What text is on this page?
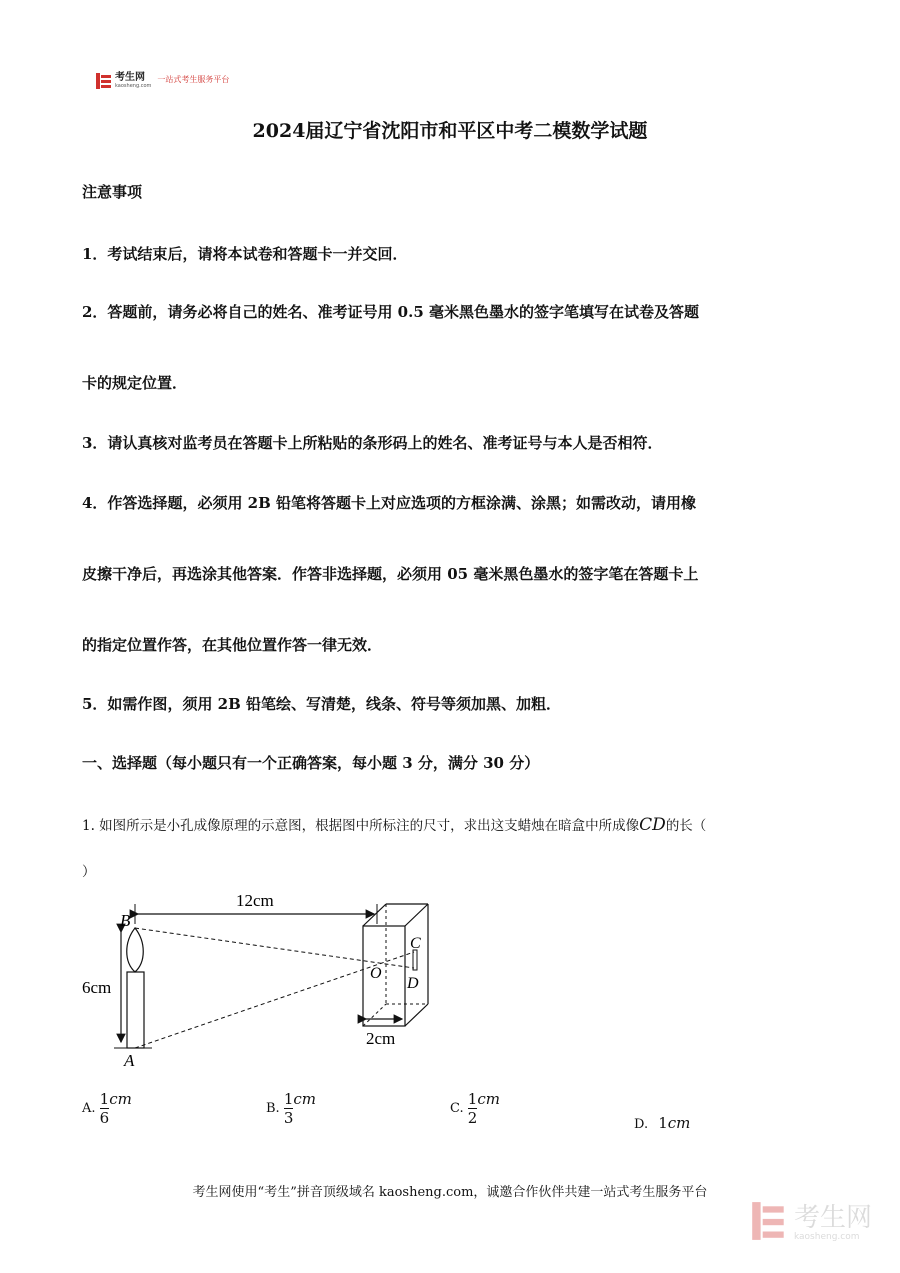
考生网
kaosheng.com
一站式考生服务平台
2024届辽宁省沈阳市和平区中考二模数学试题
注意事项
1．考试结束后，请将本试卷和答题卡一并交回．
2．答题前，请务必将自己的姓名、准考证号用 0.5 毫米黑色墨水的签字笔填写在试卷及答题
卡的规定位置．
3．请认真核对监考员在答题卡上所粘贴的条形码上的姓名、准考证号与本人是否相符．
4．作答选择题，必须用 2B 铅笔将答题卡上对应选项的方框涂满、涂黑；如需改动，请用橡
皮擦干净后，再选涂其他答案．作答非选择题，必须用 05 毫米黑色墨水的签字笔在答题卡上
的指定位置作答，在其他位置作答一律无效．
5．如需作图，须用 2B 铅笔绘、写清楚，线条、符号等须加黑、加粗．
一、选择题（每小题只有一个正确答案，每小题 3 分，满分 30 分）
1. 如图所示是小孔成像原理的示意图，根据图中所标注的尺寸，求出这支蜡烛在暗盒中所成像CD的长（
）
12cm
6cm
B
A
C
O
D
2cm
A. $\frac{1}{6}$ cm
B. $\frac{1}{3}$ cm
C. $\frac{1}{2}$ cm
D. 1cm
考生网使用“考生”拼音顶级域名 kaosheng.com，诚邀合作伙伴共建一站式考生服务平台
考生网
kaosheng.com
